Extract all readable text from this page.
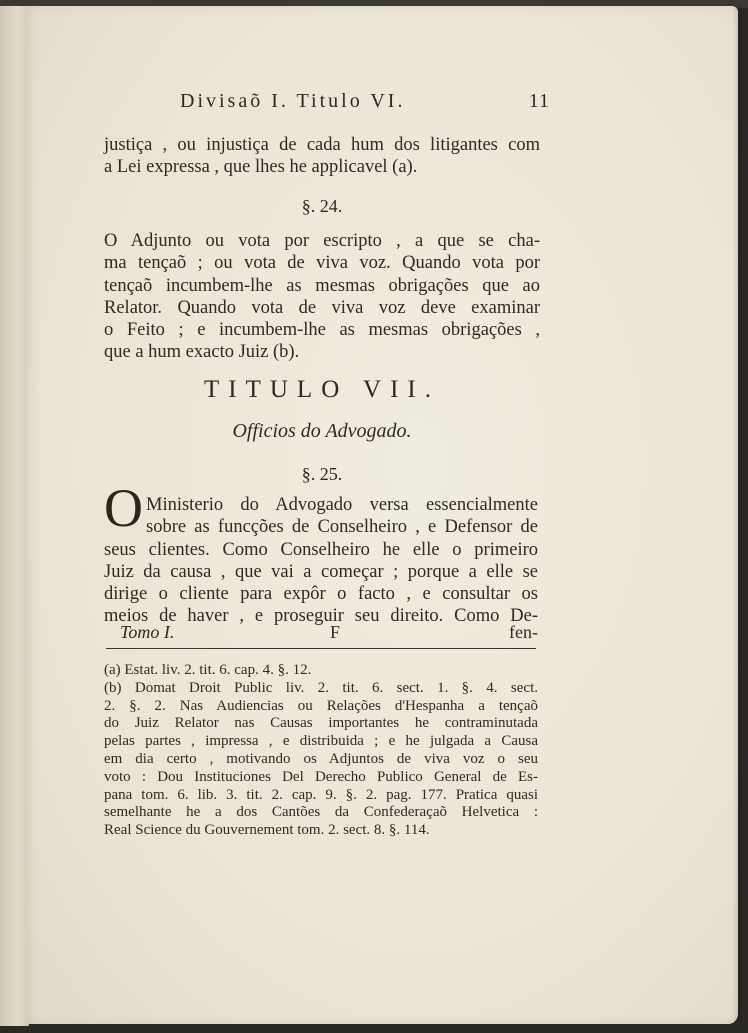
Divisaõ I. Titulo VI.	11
justiça , ou injustiça de cada hum dos litigantes com
a Lei expressa , que lhes he applicavel (a).
§. 24.
O Adjunto ou vota por escripto , a que se cha-
ma tençaõ ; ou vota de viva voz. Quando vota por
tençaõ incumbem-lhe as mesmas obrigações que ao
Relator. Quando vota de viva voz deve examinar
o Feito ; e incumbem-lhe as mesmas obrigações ,
que a hum exacto Juiz (b).
TITULO VII.
Officios do Advogado.
§. 25.
O Ministerio do Advogado versa essencialmente
sobre as funcções de Conselheiro , e Defensor de
seus clientes. Como Conselheiro he elle o primeiro
Juiz da causa , que vai a começar ; porque a elle se
dirige o cliente para expôr o facto , e consultar os
meios de haver , e proseguir seu direito. Como De-
Tomo I.	F	fen-
(a) Estat. liv. 2. tit. 6. cap. 4. §. 12.
(b) Domat Droit Public liv. 2. tit. 6. sect. 1. §. 4. sect.
2. §. 2. Nas Audiencias ou Relações d'Hespanha a tençaõ
do Juiz Relator nas Causas importantes he contraminutada
pelas partes , impressa , e distribuida ; e he julgada a Causa
em dia certo , motivando os Adjuntos de viva voz o seu
voto : Dou Instituciones Del Derecho Publico General de Es-
pana tom. 6. lib. 3. tit. 2. cap. 9. §. 2. pag. 177. Pratica quasi
semelhante he a dos Cantões da Confederaçaõ Helvetica :
Real Science du Gouvernement tom. 2. sect. 8. §. 114.
